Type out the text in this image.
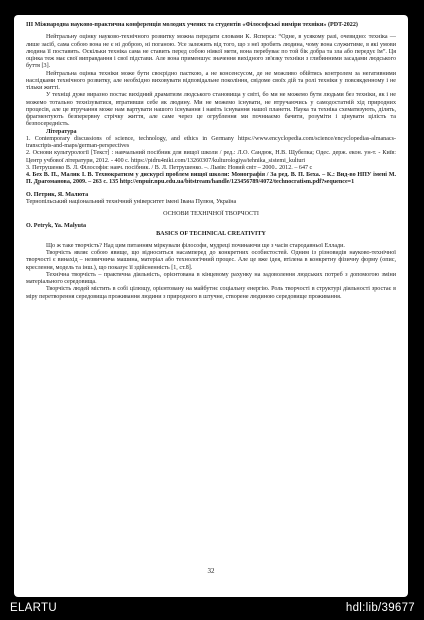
III Міжнародна науково-практична конференція молодих учених та студентів «Філософські виміри техніки» (PDT-2022)

Нейтральну оцінку науково-технічного розвитку можна передати словами К. Ясперса: “Одне, в усякому разі, очевидно: техніка — лише засіб, сама собою вона не є ні доброю, ні поганою. Усе залежить від того, що з неї зробить людина, чому вона служитиме, в які умови людина її поставить. Оскільки техніка сама не ставить перед собою ніякої мети, вона перебуває по той бік добра та зла або передує їм”. Ця оцінка теж має свої виправдання і свої підстави. Але вона применшує значення вихідного зв'язку техніки з глибинними засадами людського буття [3].

Нейтральна оцінка техніки може бути своєрідно пасткою, а не консенсусом, де не можливо обійтись контролем за негативними наслідками технічного розвитку, але необхідно виховувати відповідальне покоління, свідоме своїх дій та ролі техніки у повсякденному і не тільки житті.

У техніці дуже виразно постає вихідний драматизм людського становища у світі, бо ми не можемо бути людьми без техніки, як і не можемо тотально технізуватися, втративши себе як людину. Ми не можемо існувати, не втручаючись у самодостатній хід природних процесів, але це втручання може нам вартувати нашого існування і навіть існування нашої планети. Наука та техніка схематизують, ділять, фрагментують безперервну стрічку життя, але саме через це огрублення ми почниаємо бачити, розуміти і цінувати цілість та безпосередність.

Література

1. Contemporary discussions of science, technology, and ethics in Germany https://www.encyclopedia.com/science/encyclopedias-almanacs-transcripts-and-maps/german-perspectives

2. Основи культурології [Текст] : навчальний посібник для вищої школи / ред.: Л.О. Сандюк, Н.В. Щубелка; Одес. держ. екон. ун-т. - Київ: Центр учбової літератури, 2012. - 400 с. https://pidru4niki.com/13260307/kulturologiya/tehnika_sistemi_kulturi

3. Петрушенко В. Л. Філософія: навч. посібник. / В. Л. Петрушенко. –. Львів: Новий світ – 2000.. 2012. – 647 с

4. Бех В. П., Малик І. В. Технократизм у дискурсі проблем вищої школи: Монографія / За ред. В. П. Беха. – К.: Вид-во НПУ імені М. П. Драгоманова, 2009. – 263 с. 135 http://enpuir.npu.edu.ua/bitstream/handle/123456789/4072/technocratism.pdf?sequence=1

О. Петрик, Я. Малюта

Тернопільський національний технічний університет імені Івана Пулюя, Україна

ОСНОВИ ТЕХНІЧНОЇ ТВОРЧОСТІ

O. Petryk, Ya. Malyuta

BASICS OF TECHNICAL CREATIVITY

Що ж таке творчість? Над цим питанням міркували філософи, мудреці починаючи ще з часів стародавньої Еллади.

Творчість являє собою явище, що відноситься насамперед до конкретних особистостей. Одним із різновидів науково-технічної творчості є винахід – незвичнича машина, матеріал або технологічний процес. Але це вже ідея, втілена в конкретну фізичну форму (опис, креслення, модель та інш.), що показує її здійсненність [1, ст.8].

Технічна творчість – практична діяльність, орієнтована в кінцевому рахунку на задоволення людських потреб з допомогою зміни матеріального середовища.

Творчість людей містить в собі цілющу, орієнтовану на майбутнє соціальну енергію. Роль творчості в структурі діяльності зростає в міру перетворення середовища проживання людини з природного в штучне, створене людиною середовище проживання.

32
ELARTU	hdl:lib/39677
